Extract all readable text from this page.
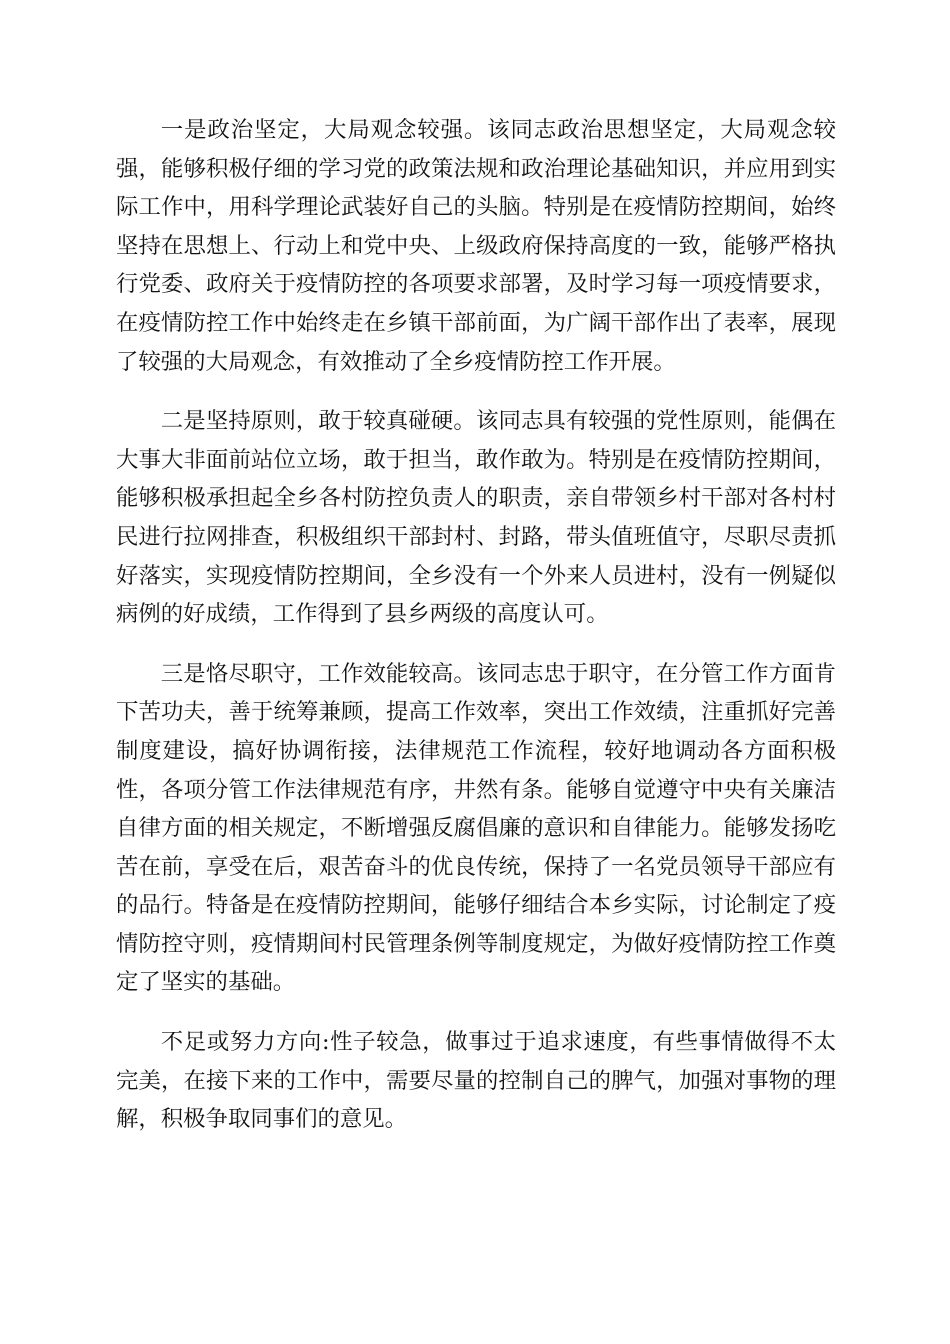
一是政治坚定，大局观念较强。该同志政治思想坚定，大局观念较强，能够积极仔细的学习党的政策法规和政治理论基础知识，并应用到实际工作中，用科学理论武装好自己的头脑。特别是在疫情防控期间，始终坚持在思想上、行动上和党中央、上级政府保持高度的一致，能够严格执行党委、政府关于疫情防控的各项要求部署，及时学习每一项疫情要求，在疫情防控工作中始终走在乡镇干部前面，为广阔干部作出了表率，展现了较强的大局观念，有效推动了全乡疫情防控工作开展。

二是坚持原则，敢于较真碰硬。该同志具有较强的党性原则，能偶在大事大非面前站位立场，敢于担当，敢作敢为。特别是在疫情防控期间，能够积极承担起全乡各村防控负责人的职责，亲自带领乡村干部对各村村民进行拉网排查，积极组织干部封村、封路，带头值班值守，尽职尽责抓好落实，实现疫情防控期间，全乡没有一个外来人员进村，没有一例疑似病例的好成绩，工作得到了县乡两级的高度认可。

三是恪尽职守，工作效能较高。该同志忠于职守，在分管工作方面肯下苦功夫，善于统筹兼顾，提高工作效率，突出工作效绩，注重抓好完善制度建设，搞好协调衔接，法律规范工作流程，较好地调动各方面积极性，各项分管工作法律规范有序，井然有条。能够自觉遵守中央有关廉洁自律方面的相关规定，不断增强反腐倡廉的意识和自律能力。能够发扬吃苦在前，享受在后，艰苦奋斗的优良传统，保持了一名党员领导干部应有的品行。特备是在疫情防控期间，能够仔细结合本乡实际，讨论制定了疫情防控守则，疫情期间村民管理条例等制度规定，为做好疫情防控工作奠定了坚实的基础。

不足或努力方向:性子较急，做事过于追求速度，有些事情做得不太完美，在接下来的工作中，需要尽量的控制自己的脾气，加强对事物的理解，积极争取同事们的意见。
